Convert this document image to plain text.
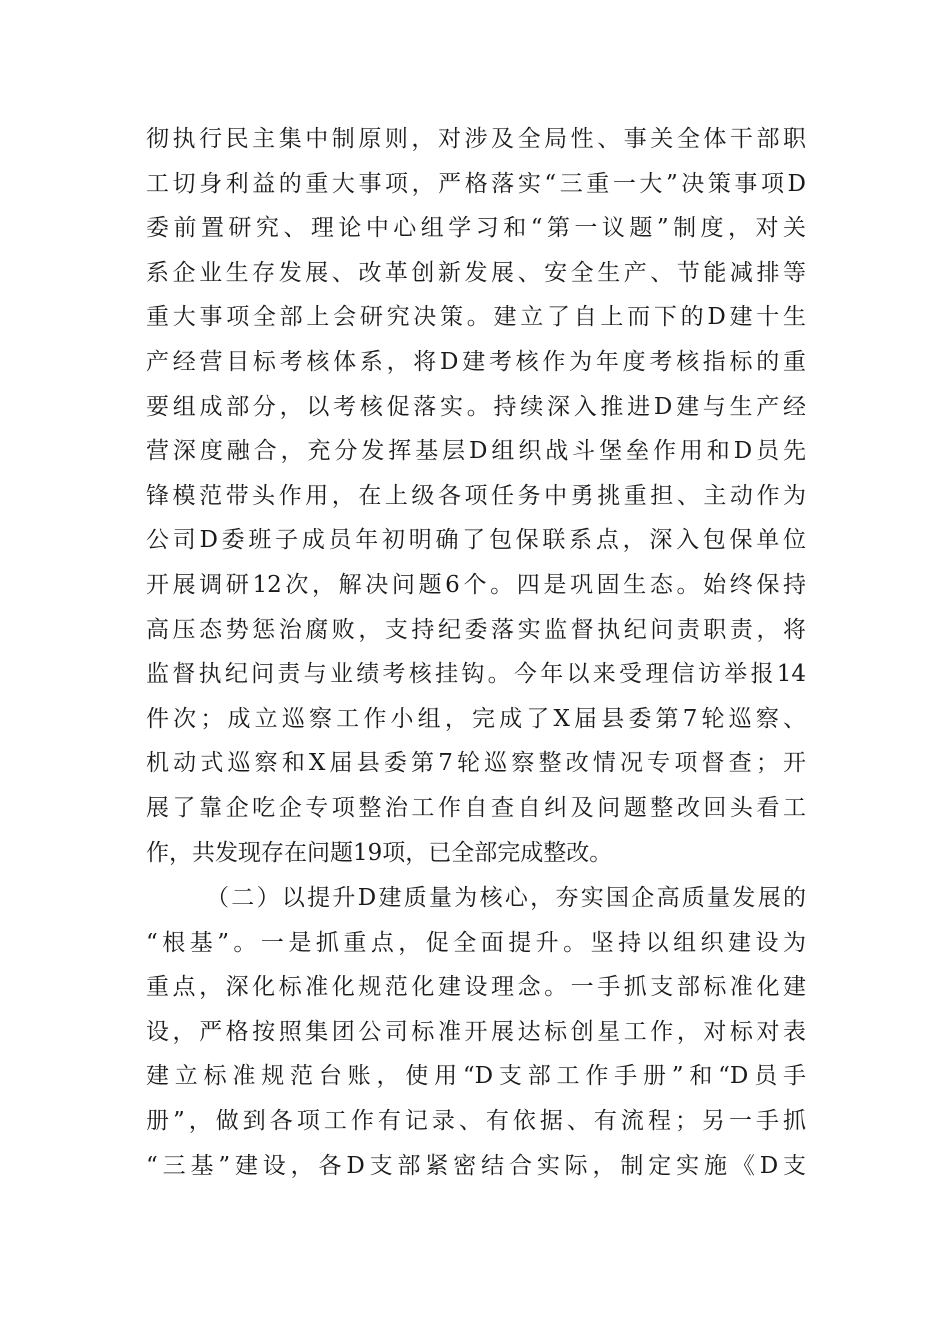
彻执行民主集中制原则，对涉及全局性、事关全体干部职
工切身利益的重大事项，严格落实“三重一大”决策事项D
委前置研究、理论中心组学习和“第一议题”制度，对关
系企业生存发展、改革创新发展、安全生产、节能减排等
重大事项全部上会研究决策。建立了自上而下的D建十生
产经营目标考核体系，将D建考核作为年度考核指标的重
要组成部分，以考核促落实。持续深入推进D建与生产经
营深度融合，充分发挥基层D组织战斗堡垒作用和D员先
锋模范带头作用，在上级各项任务中勇挑重担、主动作为
公司D委班子成员年初明确了包保联系点，深入包保单位
开展调研12次，解决问题6个。四是巩固生态。始终保持
高压态势惩治腐败，支持纪委落实监督执纪问责职责，将
监督执纪问责与业绩考核挂钩。今年以来受理信访举报14
件次；成立巡察工作小组，完成了X届县委第7轮巡察、
机动式巡察和X届县委第7轮巡察整改情况专项督查；开
展了靠企吃企专项整治工作自查自纠及问题整改回头看工
作，共发现存在问题19项，已全部完成整改。
（二）以提升D建质量为核心，夯实国企高质量发展的
“根基”。一是抓重点，促全面提升。坚持以组织建设为
重点，深化标准化规范化建设理念。一手抓支部标准化建
设，严格按照集团公司标准开展达标创星工作，对标对表
建立标准规范台账，使用“D支部工作手册”和“D员手
册”，做到各项工作有记录、有依据、有流程；另一手抓
“三基”建设，各D支部紧密结合实际，制定实施《D支
